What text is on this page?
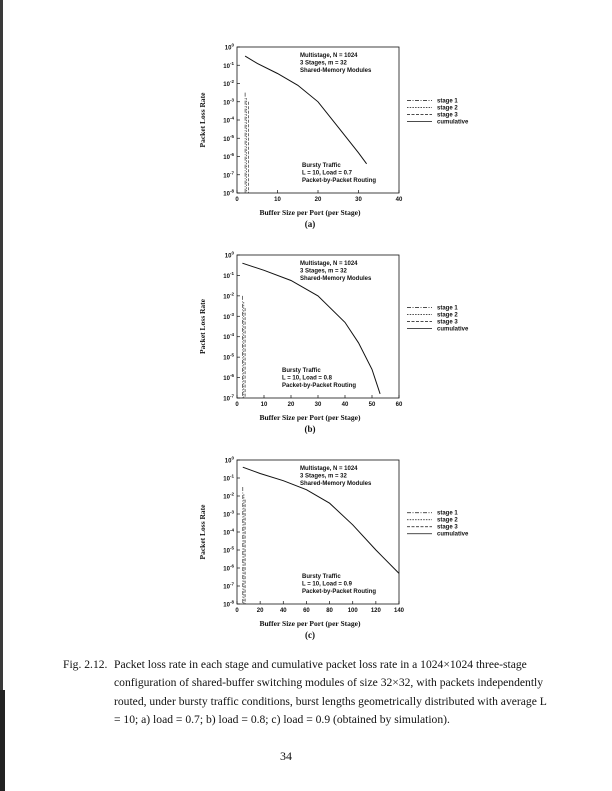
$10^0$
$10^{-1}$
$10^{-2}$
$10^{-3}$
$10^{-4}$
$10^{-5}$
$10^{-6}$
$10^{-7}$
$10^{-8}$
0	10	20	30	40
Buffer Size per Port (per Stage)
Packet Loss Rate
(a)
Multistage, N = 1024
3 Stages, m = 32
Shared-Memory Modules
Bursty Traffic
L = 10, Load = 0.7
Packet-by-Packet Routing
stage 1
stage 2
stage 3
cumulative
$10^0$
$10^{-1}$
$10^{-2}$
$10^{-3}$
$10^{-4}$
$10^{-5}$
$10^{-6}$
$10^{-7}$
0	10	20	30	40	50	60
Buffer Size per Port (per Stage)
Packet Loss Rate
(b)
Multistage, N = 1024
3 Stages, m = 32
Shared-Memory Modules
Bursty Traffic
L = 10, Load = 0.8
Packet-by-Packet Routing
stage 1
stage 2
stage 3
cumulative
$10^0$
$10^{-1}$
$10^{-2}$
$10^{-3}$
$10^{-4}$
$10^{-5}$
$10^{-6}$
$10^{-7}$
$10^{-8}$
0	20	40	60	80 100 120 140
Buffer Size per Port (per Stage)
Packet Loss Rate
(c)
Multistage, N = 1024
3 Stages, m = 32
Shared-Memory Modules
Bursty Traffic
L = 10, Load = 0.9
Packet-by-Packet Routing
stage 1
stage 2
stage 3
cumulative
Fig. 2.12. Packet loss rate in each stage and cumulative packet loss rate in a 1024×1024 three-stage configuration of shared-buffer switching modules of size 32×32, with packets independently routed, under bursty traffic conditions, burst lengths geometrically distributed with average L = 10; a) load = 0.7; b) load = 0.8; c) load = 0.9 (obtained by simulation).
34
